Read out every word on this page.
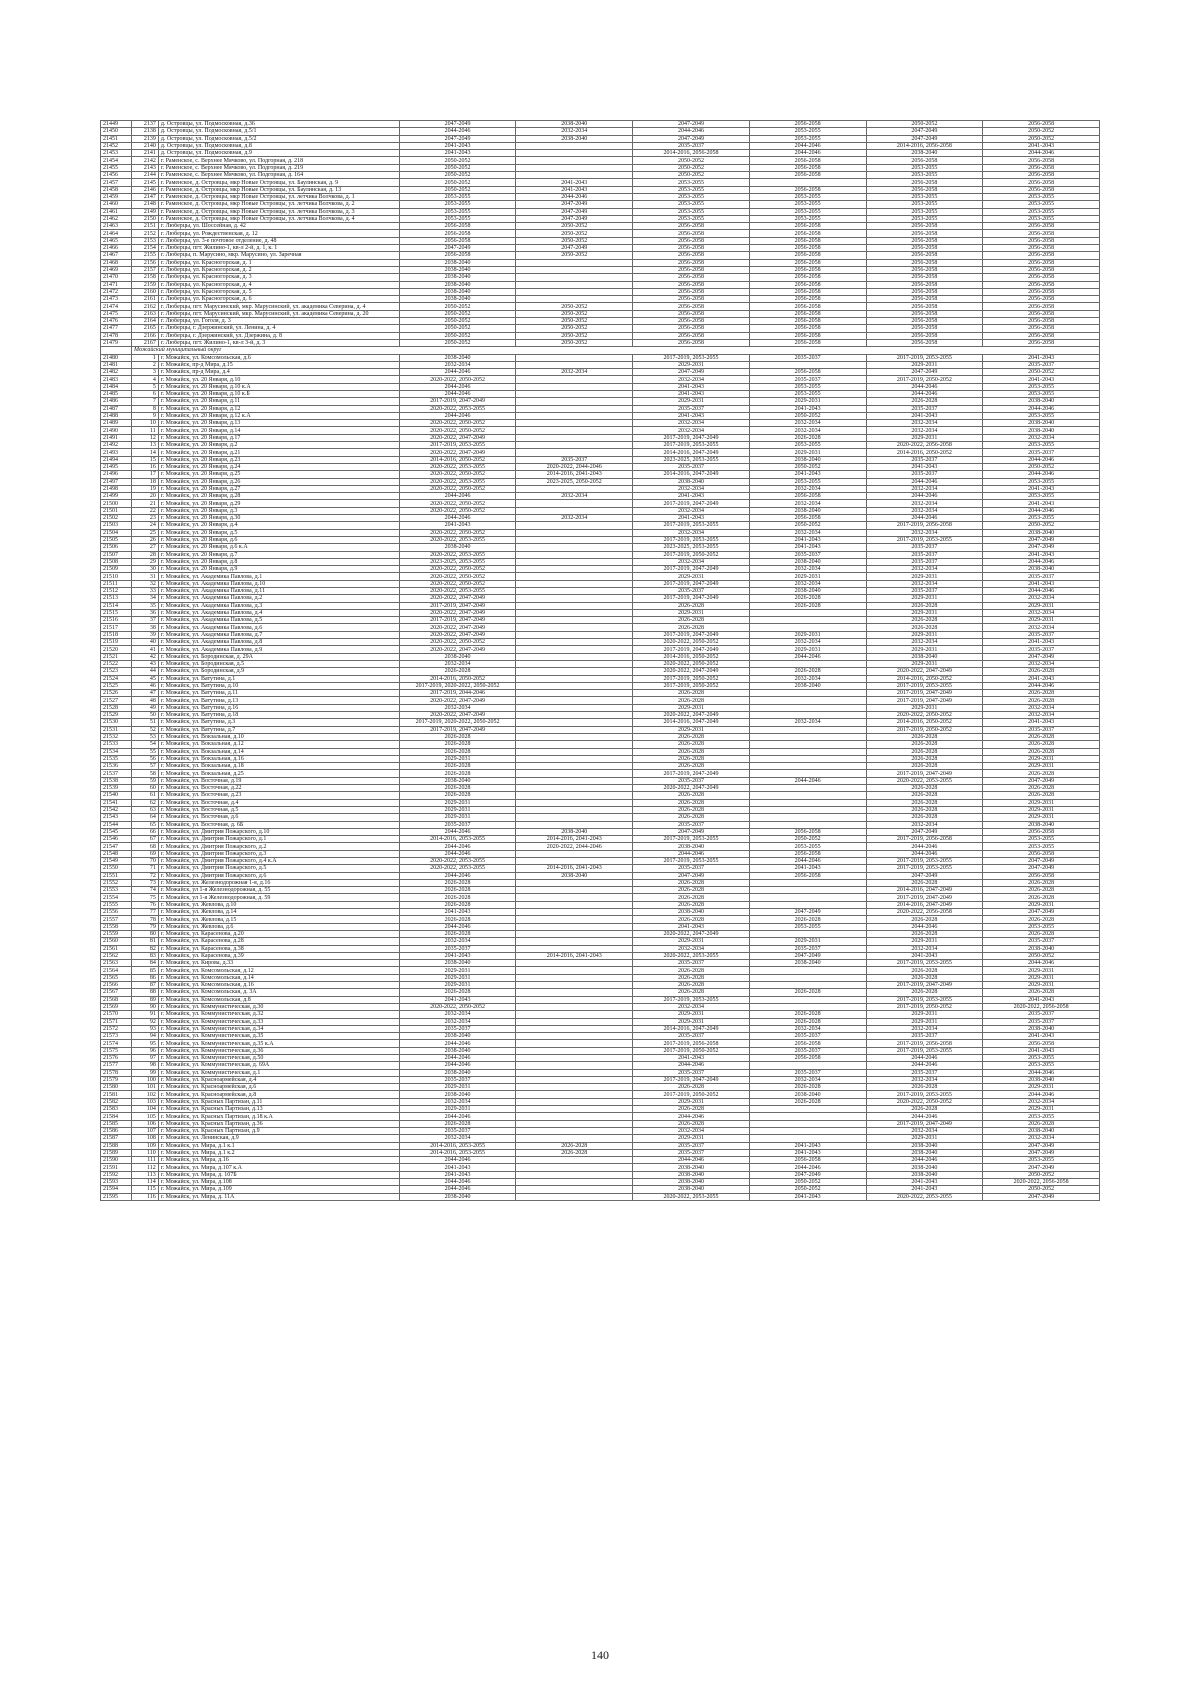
21449	2137	д. Островцы, ул. Подмосковная, д.36	2047-2049	2038-2040	2047-2049	2056-2058	2050-2052	2056-2058
21450	2138	д. Островцы, ул. Подмосковная, д.5/1	2044-2046	2032-2034	2044-2046	2053-2055	2047-2049	2050-2052
21451	2139	д. Островцы, ул. Подмосковная, д.5/2	2047-2049	2038-2040	2047-2049	2053-2055	2047-2049	2050-2052
21452	2140	д. Островцы, ул. Подмосковная, д.8	2041-2043		2035-2037	2044-2046	2014-2016, 2056-2058	2041-2043
21453	2141	д. Островцы, ул. Подмосковная, д.9	2041-2043		2014-2016, 2056-2058	2044-2046	2038-2040	2044-2046
21454	2142	г. Раменское, с. Верхнее Мячково, ул. Подгорная, д. 218	2050-2052		2050-2052	2056-2058	2056-2058	2056-2058
21455	2143	г. Раменское, с. Верхнее Мячково, ул. Подгорная, д. 219	2050-2052		2050-2052	2056-2058	2053-2055	2056-2058
21456	2144	г. Раменское, с. Верхнее Мячково, ул. Подгорная, д. 164	2050-2052		2050-2052	2056-2058	2053-2055	2056-2058
21457	2145	г. Раменское, д. Островцы, мкр Новые Островцы, ул. Баулинская, д. 9	2050-2052	2041-2043	2053-2055		2056-2058	2056-2058
21458	2146	г. Раменское, д. Островцы, мкр Новые Островцы, ул. Баулинская, д. 13	2050-2052	2041-2043	2053-2055	2056-2058	2056-2058	2056-2058
21459	2147	г. Раменское, д. Островцы, мкр Новые Островцы, ул. летчика Волчкова, д. 1	2053-2055	2044-2046	2053-2055	2053-2055	2053-2055	2053-2055
21460	2148	г. Раменское, д. Островцы, мкр Новые Островцы, ул. летчика Волчкова, д. 2	2053-2055	2047-2049	2053-2055	2053-2055	2053-2055	2053-2055
21461	2149	г. Раменское, д. Островцы, мкр Новые Островцы, ул. летчика Волчкова, д. 3	2053-2055	2047-2049	2053-2055	2053-2055	2053-2055	2053-2055
21462	2150	г. Раменское, д. Островцы, мкр Новые Островцы, ул. летчика Волчкова, д. 4	2053-2055	2047-2049	2053-2055	2053-2055	2053-2055	2053-2055
21463	2151	г. Люберцы, ул. Шоссейная, д. 42	2056-2058	2050-2052	2056-2058	2056-2058	2056-2058	2056-2058
21464	2152	г. Люберцы, ул. Рождественская, д. 12	2056-2058	2050-2052	2056-2058	2056-2058	2056-2058	2056-2058
21465	2153	г. Люберцы, ул. 3-е почтовое отделение, д. 48	2056-2058	2050-2052	2056-2058	2056-2058	2056-2058	2056-2058
21466	2154	г. Люберцы, пгт. Жилино-1, кв-л 2-й, д. 1, к. 1	2047-2049	2047-2049	2056-2058	2056-2058	2056-2058	2056-2058
21467	2155	г. Люберцы, п. Марусино, мкр. Марусино, ул. Заречная	2056-2058	2050-2052	2056-2058	2056-2058	2056-2058	2056-2058
21468	2156	г. Люберцы, ул. Красногорская, д. 1	2038-2040		2056-2058	2056-2058	2056-2058	2056-2058
21469	2157	г. Люберцы, ул. Красногорская, д. 2	2038-2040		2056-2058	2056-2058	2056-2058	2056-2058
21470	2158	г. Люберцы, ул. Красногорская, д. 3	2038-2040		2056-2058	2056-2058	2056-2058	2056-2058
21471	2159	г. Люберцы, ул. Красногорская, д. 4	2038-2040		2056-2058	2056-2058	2056-2058	2056-2058
21472	2160	г. Люберцы, ул. Красногорская, д. 5	2038-2040		2056-2058	2056-2058	2056-2058	2056-2058
21473	2161	г. Люберцы, ул. Красногорская, д. 6	2038-2040		2056-2058	2056-2058	2056-2058	2056-2058
21474	2162	г. Люберцы, пгт. Марусинский, мкр. Марусинский, ул. академика Северина, д. 4	2050-2052	2050-2052	2056-2058	2056-2058	2056-2058	2056-2058
21475	2163	г. Люберцы, пгт. Марусинский, мкр. Марусинский, ул. академика Северина, д. 20	2050-2052	2050-2052	2056-2058	2056-2058	2056-2058	2056-2058
21476	2164	г. Люберцы, ул. Гоголя, д. 3	2050-2052	2050-2052	2056-2058	2056-2058	2056-2058	2056-2058
21477	2165	г. Люберцы, г. Дзержинский, ул. Ленина, д. 4	2050-2052	2050-2052	2056-2058	2056-2058	2056-2058	2056-2058
21478	2166	г. Люберцы, г. Дзержинский, ул. Дзержина, д. 8	2050-2052	2050-2052	2056-2058	2056-2058	2056-2058	2056-2058
21479	2167	г. Люберцы, пгт. Жилино-1, кв-л 3-й, д. 3	2050-2052	2050-2052	2056-2058	2056-2058	2056-2058	2056-2058
	Можайский муниципальный округ							
21480	1	г. Можайск, ул. Комсомольская, д.6	2038-2040		2017-2019, 2053-2055	2035-2037	2017-2019, 2053-2055	2041-2043
21481	2	г. Можайск, пр-д Мира, д.15	2032-2034		2029-2031		2029-2031	2035-2037
21482	3	г. Можайск, пр-д Мира, д.4	2044-2046	2032-2034	2047-2049	2056-2058	2047-2049	2050-2052
21483	4	г. Можайск, ул. 20 Января, д.10	2020-2022, 2050-2052		2032-2034	2035-2037	2017-2019, 2050-2052	2041-2043
21484	5	г. Можайск, ул. 20 Января, д.10 к.А	2044-2046		2041-2043	2053-2055	2044-2046	2053-2055
21485	6	г. Можайск, ул. 20 Января, д.10 к.Б	2044-2046		2041-2043	2053-2055	2044-2046	2053-2055
21486	7	г. Можайск, ул. 20 Января, д.11	2017-2019, 2047-2049		2029-2031	2029-2031	2026-2028	2038-2040
21487	8	г. Можайск, ул. 20 Января, д.12	2020-2022, 2053-2055		2035-2037	2041-2043	2035-2037	2044-2046
21488	9	г. Можайск, ул. 20 Января, д.12 к.А	2044-2046		2041-2043	2050-2052	2041-2043	2053-2055
21489	10	г. Можайск, ул. 20 Января, д.13	2020-2022, 2050-2052		2032-2034	2032-2034	2032-2034	2038-2040
21490	11	г. Можайск, ул. 20 Января, д.14	2020-2022, 2050-2052		2032-2034	2032-2034	2032-2034	2038-2040
21491	12	г. Можайск, ул. 20 Января, д.17	2020-2022, 2047-2049		2017-2019, 2047-2049	2026-2028	2029-2031	2032-2034
21492	13	г. Можайск, ул. 20 Января, д.2	2017-2019, 2053-2055		2017-2019, 2053-2055	2053-2055	2020-2022, 2056-2058	2053-2055
21493	14	г. Можайск, ул. 20 Января, д.21	2020-2022, 2047-2049		2014-2016, 2047-2049	2029-2031	2014-2016, 2050-2052	2035-2037
21494	15	г. Можайск, ул. 20 Января, д.23	2014-2016, 2050-2052	2035-2037	2023-2025, 2053-2055	2038-2040	2035-2037	2044-2046
21495	16	г. Можайск, ул. 20 Января, д.24	2020-2022, 2053-2055	2020-2022, 2044-2046	2035-2037	2050-2052	2041-2043	2050-2052
21496	17	г. Можайск, ул. 20 Января, д.25	2020-2022, 2050-2052	2014-2016, 2041-2043	2014-2016, 2047-2049	2041-2043	2035-2037	2044-2046
21497	18	г. Можайск, ул. 20 Января, д.26	2020-2022, 2053-2055	2023-2025, 2050-2052	2038-2040	2053-2055	2044-2046	2053-2055
21498	19	г. Можайск, ул. 20 Января, д.27	2020-2022, 2050-2052		2032-2034	2032-2034	2032-2034	2041-2043
21499	20	г. Можайск, ул. 20 Января, д.28	2044-2046	2032-2034	2041-2043	2056-2058	2044-2046	2053-2055
21500	21	г. Можайск, ул. 20 Января, д.29	2020-2022, 2050-2052		2017-2019, 2047-2049	2032-2034	2032-2034	2041-2043
21501	22	г. Можайск, ул. 20 Января, д.3	2020-2022, 2050-2052		2032-2034	2038-2040	2032-2034	2044-2046
21502	23	г. Можайск, ул. 20 Января, д.30	2044-2046	2032-2034	2041-2043	2056-2058	2044-2046	2053-2055
21503	24	г. Можайск, ул. 20 Января, д.4	2041-2043		2017-2019, 2053-2055	2050-2052	2017-2019, 2056-2058	2050-2052
21504	25	г. Можайск, ул. 20 Января, д.5	2020-2022, 2050-2052		2032-2034	2032-2034	2032-2034	2038-2040
21505	26	г. Можайск, ул. 20 Января, д.6	2020-2022, 2053-2055		2017-2019, 2053-2055	2041-2043	2017-2019, 2053-2055	2047-2049
21506	27	г. Можайск, ул. 20 Января, д.6 к.А	2038-2040		2023-2025, 2053-2055	2041-2043	2035-2037	2047-2049
21507	28	г. Можайск, ул. 20 Января, д.7	2020-2022, 2053-2055		2017-2019, 2050-2052	2035-2037	2035-2037	2041-2043
21508	29	г. Можайск, ул. 20 Января, д.8	2023-2025, 2053-2055		2032-2034	2038-2040	2035-2037	2044-2046
21509	30	г. Можайск, ул. 20 Января, д.9	2020-2022, 2050-2052		2017-2019, 2047-2049	2032-2034	2032-2034	2038-2040
21510	31	г. Можайск, ул. Академика Павлова, д.1	2020-2022, 2050-2052		2029-2031	2029-2031	2029-2031	2035-2037
21511	32	г. Можайск, ул. Академика Павлова, д.10	2020-2022, 2050-2052		2017-2019, 2047-2049	2032-2034	2032-2034	2041-2043
21512	33	г. Можайск, ул. Академика Павлова, д.11	2020-2022, 2053-2055		2035-2037	2038-2040	2035-2037	2044-2046
21513	34	г. Можайск, ул. Академика Павлова, д.2	2020-2022, 2047-2049		2017-2019, 2047-2049	2026-2028	2029-2031	2032-2034
21514	35	г. Можайск, ул. Академика Павлова, д.3	2017-2019, 2047-2049		2026-2028	2026-2028	2026-2028	2029-2031
21515	36	г. Можайск, ул. Академика Павлова, д.4	2020-2022, 2047-2049		2029-2031		2029-2031	2032-2034
21516	37	г. Можайск, ул. Академика Павлова, д.5	2017-2019, 2047-2049		2026-2028		2026-2028	2029-2031
21517	38	г. Можайск, ул. Академика Павлова, д.6	2020-2022, 2047-2049		2026-2028		2026-2028	2032-2034
21518	39	г. Можайск, ул. Академика Павлова, д.7	2020-2022, 2047-2049		2017-2019, 2047-2049	2029-2031	2029-2031	2035-2037
21519	40	г. Можайск, ул. Академика Павлова, д.8	2020-2022, 2050-2052		2020-2022, 2050-2052	2032-2034	2032-2034	2041-2043
21520	41	г. Можайск, ул. Академика Павлова, д.9	2020-2022, 2047-2049		2017-2019, 2047-2049	2029-2031	2029-2031	2035-2037
21521	42	г. Можайск, ул. Бородинская, д. 29А	2038-2040		2014-2016, 2050-2052	2044-2046	2038-2040	2047-2049
21522	43	г. Можайск, ул. Бородинская, д.5	2032-2034		2020-2022, 2050-2052		2029-2031	2032-2034
21523	44	г. Можайск, ул. Бородинская, д.9	2026-2028		2020-2022, 2047-2049	2026-2028	2020-2022, 2047-2049	2026-2028
21524	45	г. Можайск, ул. Ватутина, д.1	2014-2016, 2050-2052		2017-2019, 2050-2052	2032-2034	2014-2016, 2050-2052	2041-2043
21525	46	г. Можайск, ул. Ватутина, д.10	2017-2019, 2020-2022, 2050-2052		2017-2019, 2050-2052	2038-2040	2017-2019, 2053-2055	2044-2046
21526	47	г. Можайск, ул. Ватутина, д.11	2017-2019, 2044-2046		2026-2028		2017-2019, 2047-2049	2026-2028
21527	48	г. Можайск, ул. Ватутина, д.13	2020-2022, 2047-2049		2026-2028		2017-2019, 2047-2049	2026-2028
21528	49	г. Можайск, ул. Ватутина, д.16	2032-2034		2029-2031		2029-2031	2032-2034
21529	50	г. Можайск, ул. Ватутина, д.18	2020-2022, 2047-2049		2020-2022, 2047-2049		2020-2022, 2050-2052	2032-2034
21530	51	г. Можайск, ул. Ватутина, д.3	2017-2019, 2020-2022, 2050-2052		2014-2016, 2047-2049	2032-2034	2014-2016, 2050-2052	2041-2043
21531	52	г. Можайск, ул. Ватутина, д.7	2017-2019, 2047-2049		2029-2031		2017-2019, 2050-2052	2035-2037
21532	53	г. Можайск, ул. Вокзальная, д.10	2026-2028		2026-2028		2026-2028	2026-2028
21533	54	г. Можайск, ул. Вокзальная, д.12	2026-2028		2026-2028		2026-2028	2026-2028
21534	55	г. Можайск, ул. Вокзальная, д.14	2026-2028		2026-2028		2026-2028	2026-2028
21535	56	г. Можайск, ул. Вокзальная, д.16	2029-2031		2026-2028		2026-2028	2029-2031
21536	57	г. Можайск, ул. Вокзальная, д.18	2026-2028		2026-2028		2026-2028	2029-2031
21537	58	г. Можайск, ул. Вокзальная, д.25	2026-2028		2017-2019, 2047-2049		2017-2019, 2047-2049	2026-2028
21538	59	г. Можайск, ул. Восточная, д.19	2038-2040		2035-2037	2044-2046	2020-2022, 2053-2055	2047-2049
21539	60	г. Можайск, ул. Восточная, д.22	2026-2028		2020-2022, 2047-2049		2026-2028	2026-2028
21540	61	г. Можайск, ул. Восточная, д.23	2026-2028		2026-2028		2026-2028	2026-2028
21541	62	г. Можайск, ул. Восточная, д.4	2029-2031		2026-2028		2026-2028	2029-2031
21542	63	г. Можайск, ул. Восточная, д.5	2029-2031		2026-2028		2026-2028	2029-2031
21543	64	г. Можайск, ул. Восточная, д.6	2029-2031		2026-2028		2026-2028	2029-2031
21544	65	г. Можайск, ул. Восточная, д. 6Б	2035-2037		2035-2037		2032-2034	2038-2040
21545	66	г. Можайск, ул. Дмитрия Пожарского, д.10	2044-2046	2038-2040	2047-2049	2056-2058	2047-2049	2056-2058
21546	67	г. Можайск, ул. Дмитрия Пожарского, д.1	2014-2016, 2053-2055	2014-2016, 2041-2043	2017-2019, 2053-2055	2050-2052	2017-2019, 2056-2058	2053-2055
21547	68	г. Можайск, ул. Дмитрия Пожарского, д.2	2044-2046	2020-2022, 2044-2046	2038-2040	2053-2055	2044-2046	2053-2055
21548	69	г. Можайск, ул. Дмитрия Пожарского, д.3	2044-2046		2044-2046	2056-2058	2044-2046	2056-2058
21549	70	г. Можайск, ул. Дмитрия Пожарского, д.4 к.А	2020-2022, 2053-2055		2017-2019, 2053-2055	2044-2046	2017-2019, 2053-2055	2047-2049
21550	71	г. Можайск, ул. Дмитрия Пожарского, д.5	2020-2022, 2053-2055	2014-2016, 2041-2043	2035-2037	2041-2043	2017-2019, 2053-2055	2047-2049
21551	72	г. Можайск, ул. Дмитрия Пожарского, д.6	2044-2046	2038-2040	2047-2049	2056-2058	2047-2049	2056-2058
21552	73	г. Можайск, ул. Железнодорожная 1-я, д.16	2026-2028		2026-2028		2026-2028	2026-2028
21553	74	г. Можайск, ул 1-я Железнодорожная, д. 55	2026-2028		2026-2028		2014-2016, 2047-2049	2026-2028
21554	75	г. Можайск, ул 1-я Железнодорожная, д. 59	2026-2028		2026-2028		2017-2019, 2047-2049	2026-2028
21555	76	г. Можайск, ул. Жевлова, д.10	2026-2028		2026-2028		2014-2016, 2047-2049	2029-2031
21556	77	г. Можайск, ул. Жевлова, д.14	2041-2043		2038-2040	2047-2049	2020-2022, 2056-2058	2047-2049
21557	78	г. Можайск, ул. Жевлова, д.15	2026-2028		2026-2028	2026-2028	2026-2028	2026-2028
21558	79	г. Можайск, ул. Жевлова, д.6	2044-2046		2041-2043	2053-2055	2044-2046	2053-2055
21559	80	г. Можайск, ул. Карасенова, д.20	2026-2028		2020-2022, 2047-2049		2026-2028	2026-2028
21560	81	г. Можайск, ул. Карасенова, д.28	2032-2034		2029-2031	2029-2031	2029-2031	2035-2037
21561	82	г. Можайск, ул. Карасенова, д.38	2035-2037		2032-2034	2035-2037	2032-2034	2038-2040
21562	83	г. Можайск, ул. Карасенова, д.39	2041-2043	2014-2016, 2041-2043	2020-2022, 2053-2055	2047-2049	2041-2043	2050-2052
21563	84	г. Можайск, ул. Кирова, д.33	2038-2040		2035-2037	2038-2040	2017-2019, 2053-2055	2044-2046
21564	85	г. Можайск, ул. Комсомольская, д.12	2029-2031		2026-2028		2026-2028	2029-2031
21565	86	г. Можайск, ул. Комсомольская, д.14	2029-2031		2026-2028		2026-2028	2029-2031
21566	87	г. Можайск, ул. Комсомольская, д.16	2029-2031		2026-2028		2017-2019, 2047-2049	2029-2031
21567	88	г. Можайск, ул. Комсомольская, д. 3А	2026-2028		2026-2028	2026-2028	2026-2028	2026-2028
21568	89	г. Можайск, ул. Комсомольская, д.8	2041-2043		2017-2019, 2053-2055		2017-2019, 2053-2055	2041-2043
21569	90	г. Можайск, ул. Коммунистическая, д.30	2020-2022, 2050-2052		2032-2034		2017-2019, 2050-2052	2020-2022, 2056-2058
21570	91	г. Можайск, ул. Коммунистическая, д.32	2032-2034		2029-2031	2026-2028	2029-2031	2035-2037
21571	92	г. Можайск, ул. Коммунистическая, д.33	2032-2034		2029-2031	2026-2028	2029-2031	2035-2037
21572	93	г. Можайск, ул. Коммунистическая, д.34	2035-2037		2014-2016, 2047-2049	2032-2034	2032-2034	2038-2040
21573	94	г. Можайск, ул. Коммунистическая, д.35	2038-2040		2035-2037	2035-2037	2035-2037	2041-2043
21574	95	г. Можайск, ул. Коммунистическая, д.35 к.А	2044-2046		2017-2019, 2056-2058	2056-2058	2017-2019, 2056-2058	2056-2058
21575	96	г. Можайск, ул. Коммунистическая, д.36	2038-2040		2017-2019, 2050-2052	2035-2037	2017-2019, 2053-2055	2041-2043
21576	97	г. Можайск, ул. Коммунистическая, д.50	2044-2046		2041-2043	2056-2058	2044-2046	2053-2055
21577	98	г. Можайск, ул. Коммунистическая, д. 69А	2044-2046		2044-2046		2044-2046	2053-2055
21578	99	г. Можайск, ул. Коммунистическая, д.1	2038-2040		2035-2037	2035-2037	2035-2037	2044-2046
21579	100	г. Можайск, ул. Красноармейская, д.4	2035-2037		2017-2019, 2047-2049	2032-2034	2032-2034	2038-2040
21580	101	г. Можайск, ул. Красноармейская, д.6	2029-2031		2026-2028	2026-2028	2026-2028	2029-2031
21581	102	г. Можайск, ул. Красноармейская, д.8	2038-2040		2017-2019, 2050-2052	2038-2040	2017-2019, 2053-2055	2044-2046
21582	103	г. Можайск, ул. Красных Партизан, д.11	2032-2034		2029-2031	2026-2028	2020-2022, 2050-2052	2032-2034
21583	104	г. Можайск, ул. Красных Партизан, д.13	2029-2031		2026-2028		2026-2028	2029-2031
21584	105	г. Можайск, ул. Красных Партизан, д.18 к.А	2044-2046		2044-2046		2044-2046	2053-2055
21585	106	г. Можайск, ул. Красных Партизан, д.36	2026-2028		2026-2028		2017-2019, 2047-2049	2026-2028
21586	107	г. Можайск, ул. Красных Партизан, д.9	2035-2037		2032-2034		2032-2034	2038-2040
21587	108	г. Можайск, ул. Ленинская, д.9	2032-2034		2029-2031		2029-2031	2032-2034
21588	109	г. Можайск, ул. Мира, д.1 к.1	2014-2016, 2053-2055	2026-2028	2035-2037	2041-2043	2038-2040	2047-2049
21589	110	г. Можайск, ул. Мира, д.1 к.2	2014-2016, 2053-2055	2026-2028	2035-2037	2041-2043	2038-2040	2047-2049
21590	111	г. Можайск, ул. Мира, д.16	2044-2046		2044-2046	2056-2058	2044-2046	2053-2055
21591	112	г. Можайск, ул. Мира, д.107 к.А	2041-2043		2038-2040	2044-2046	2038-2040	2047-2049
21592	113	г. Можайск, ул. Мира, д. 107Б	2041-2043		2038-2040	2047-2049	2038-2040	2050-2052
21593	114	г. Можайск, ул. Мира, д.108	2044-2046		2038-2040	2050-2052	2041-2043	2020-2022, 2056-2058
21594	115	г. Можайск, ул. Мира, д.109	2044-2046		2038-2040	2050-2052	2041-2043	2050-2052
21595	116	г. Можайск, ул. Мира, д. 11А	2038-2040		2020-2022, 2053-2055	2041-2043	2020-2022, 2053-2055	2047-2049
140
